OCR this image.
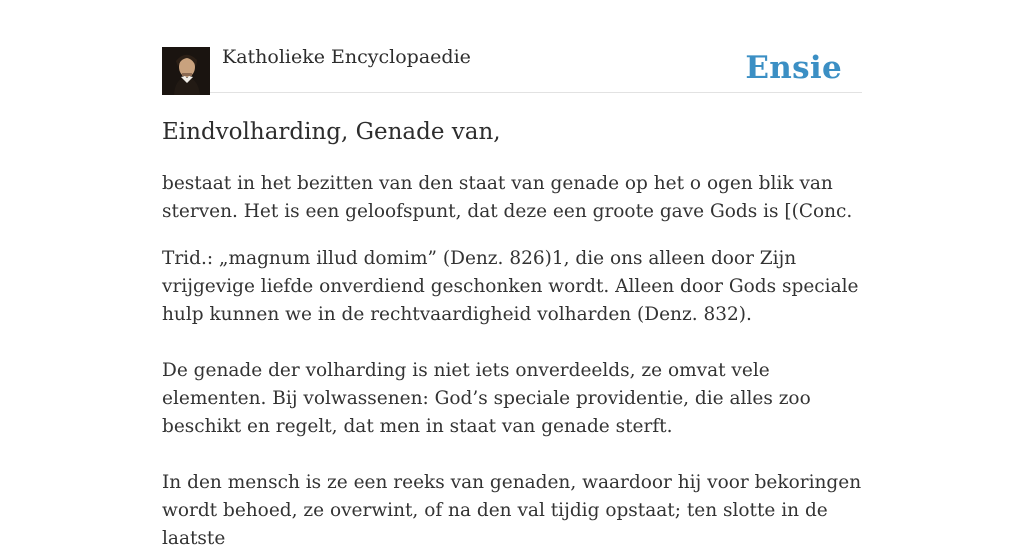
Katholieke Encyclopaedie	Ensie
Eindvolharding, Genade van,

bestaat in het bezitten van den staat van genade op het o ogen blik van sterven. Het is een geloofspunt, dat deze een groote gave Gods is [(Conc.

Trid.: „magnum illud domim” (Denz. 826)1, die ons alleen door Zijn vrijgevige liefde onverdiend geschonken wordt. Alleen door Gods speciale hulp kunnen we in de rechtvaardigheid volharden (Denz. 832).

De genade der volharding is niet iets onverdeelds, ze omvat vele elementen. Bij volwassenen: God’s speciale providentie, die alles zoo beschikt en regelt, dat men in staat van genade sterft.

In den mensch is ze een reeks van genaden, waardoor hij voor bekoringen wordt behoed, ze overwint, of na den val tijdig opstaat; ten slotte in de laatste
